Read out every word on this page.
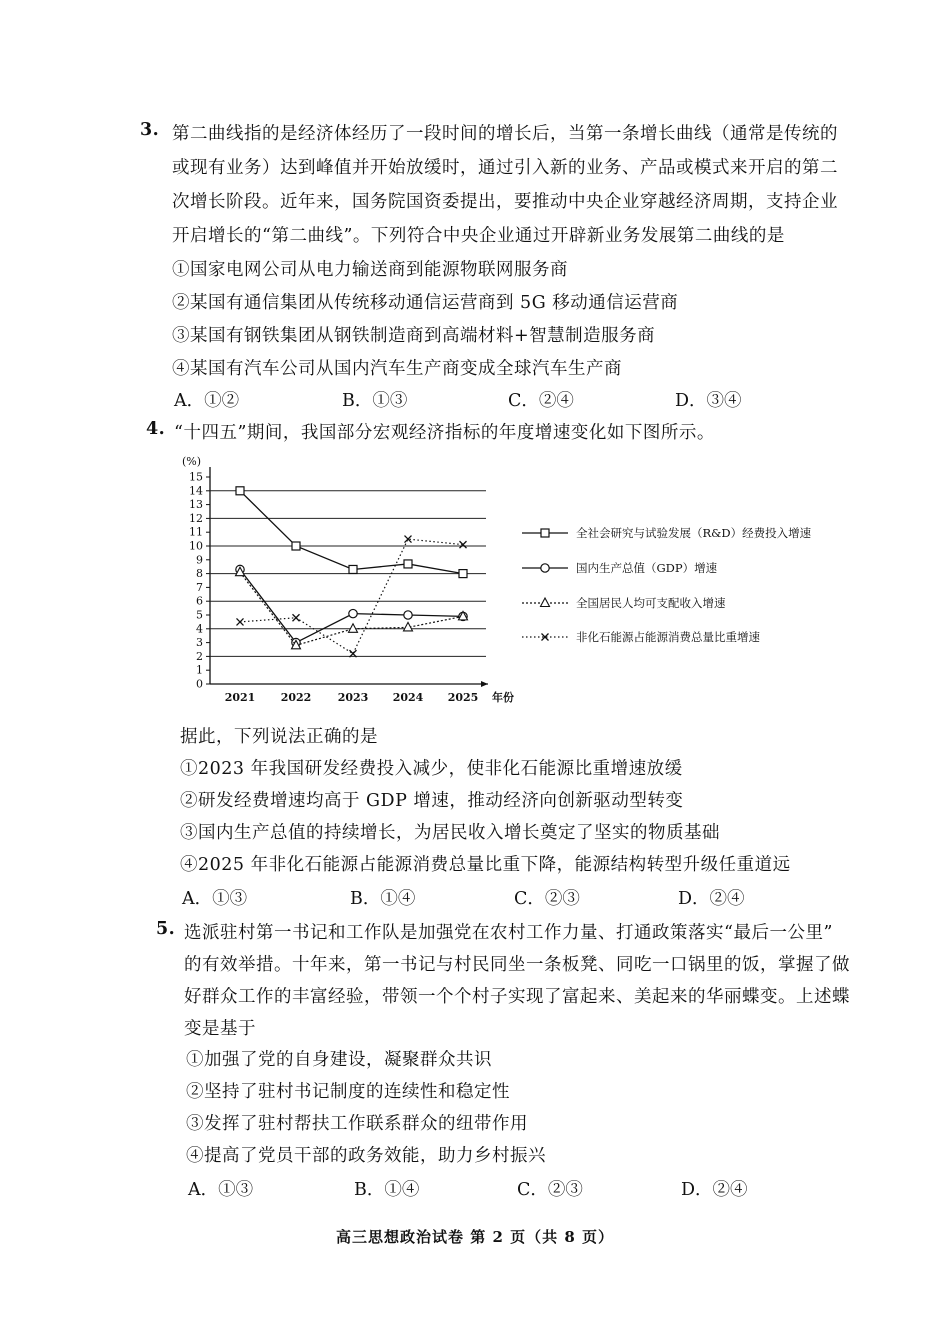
3. 第二曲线指的是经济体经历了一段时间的增长后，当第一条增长曲线（通常是传统的
或现有业务）达到峰值并开始放缓时，通过引入新的业务、产品或模式来开启的第二
次增长阶段。近年来，国务院国资委提出，要推动中央企业穿越经济周期，支持企业
开启增长的“第二曲线”。下列符合中央企业通过开辟新业务发展第二曲线的是
①国家电网公司从电力输送商到能源物联网服务商
②某国有通信集团从传统移动通信运营商到 5G 移动通信运营商
③某国有钢铁集团从钢铁制造商到高端材料+智慧制造服务商
④某国有汽车公司从国内汽车生产商变成全球汽车生产商
A．①②	B．①③	C．②④	D．③④
4. “十四五”期间，我国部分宏观经济指标的年度增速变化如下图所示。
0
1
2
3
4
5
6
7
8
9
10
11
12
13
14
15
(%)
2021 2022 2023 2024 2025 年份
全社会研究与试验发展（R&D）经费投入增速
国内生产总值（GDP）增速
全国居民人均可支配收入增速
非化石能源占能源消费总量比重增速
据此，下列说法正确的是
①2023 年我国研发经费投入减少，使非化石能源比重增速放缓
②研发经费增速均高于 GDP 增速，推动经济向创新驱动型转变
③国内生产总值的持续增长，为居民收入增长奠定了坚实的物质基础
④2025 年非化石能源占能源消费总量比重下降，能源结构转型升级任重道远
A．①③	B．①④	C．②③	D．②④
5. 选派驻村第一书记和工作队是加强党在农村工作力量、打通政策落实“最后一公里”
的有效举措。十年来，第一书记与村民同坐一条板凳、同吃一口锅里的饭，掌握了做
好群众工作的丰富经验，带领一个个村子实现了富起来、美起来的华丽蝶变。上述蝶
变是基于
①加强了党的自身建设，凝聚群众共识
②坚持了驻村书记制度的连续性和稳定性
③发挥了驻村帮扶工作联系群众的纽带作用
④提高了党员干部的政务效能，助力乡村振兴
A．①③	B．①④	C．②③	D．②④
高三思想政治试卷 第 2 页（共 8 页）
